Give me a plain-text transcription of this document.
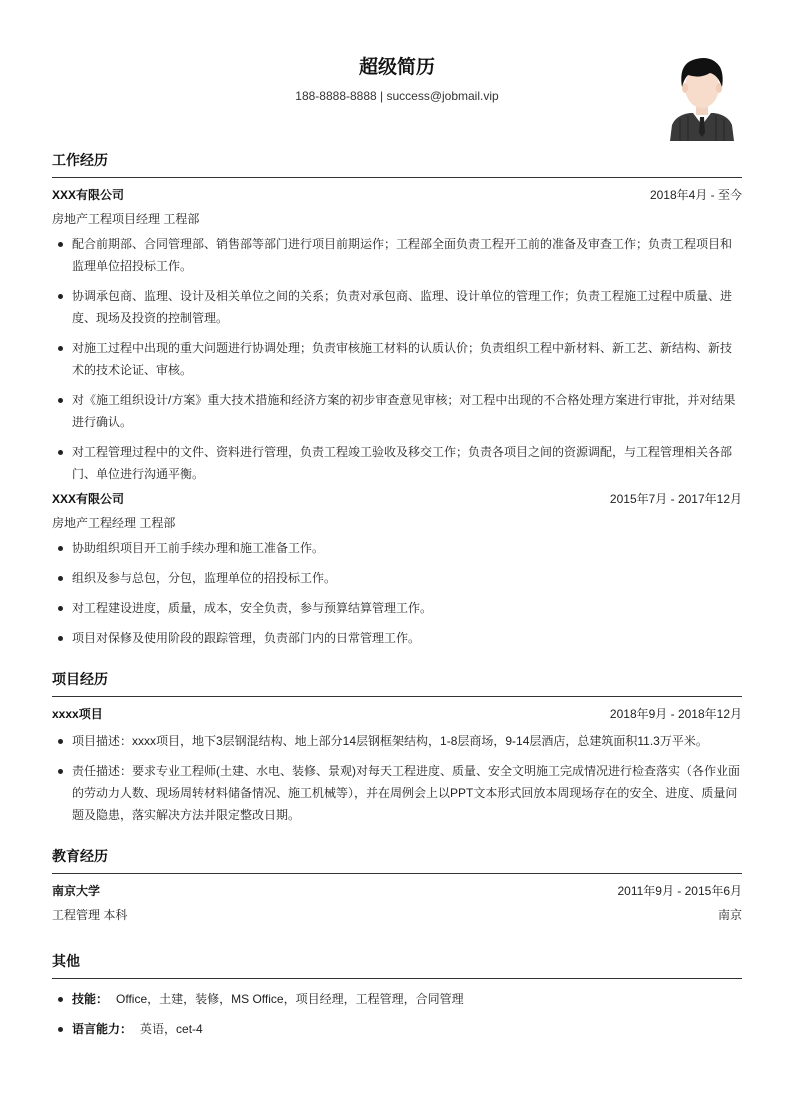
超级简历
188-8888-8888 | success@jobmail.vip
工作经历
XXX有限公司	2018年4月 - 至今
房地产工程项目经理 工程部
配合前期部、合同管理部、销售部等部门进行项目前期运作；工程部全面负责工程开工前的准备及审查工作；负责工程项目和监理单位招投标工作。
协调承包商、监理、设计及相关单位之间的关系；负责对承包商、监理、设计单位的管理工作；负责工程施工过程中质量、进度、现场及投资的控制管理。
对施工过程中出现的重大问题进行协调处理；负责审核施工材料的认质认价；负责组织工程中新材料、新工艺、新结构、新技术的技术论证、审核。
对《施工组织设计/方案》重大技术措施和经济方案的初步审查意见审核；对工程中出现的不合格处理方案进行审批，并对结果进行确认。
对工程管理过程中的文件、资料进行管理，负责工程竣工验收及移交工作；负责各项目之间的资源调配，与工程管理相关各部门、单位进行沟通平衡。
XXX有限公司	2015年7月 - 2017年12月
房地产工程经理 工程部
协助组织项目开工前手续办理和施工准备工作。
组织及参与总包，分包，监理单位的招投标工作。
对工程建设进度，质量，成本，安全负责，参与预算结算管理工作。
项目对保修及使用阶段的跟踪管理，负责部门内的日常管理工作。
项目经历
xxxx项目	2018年9月 - 2018年12月
项目描述：xxxx项目，地下3层钢混结构、地上部分14层钢框架结构，1-8层商场，9-14层酒店，总建筑面积11.3万平米。
责任描述：要求专业工程师(土建、水电、装修、景观)对每天工程进度、质量、安全文明施工完成情况进行检查落实（各作业面的劳动力人数、现场周转材料储备情况、施工机械等），并在周例会上以PPT文本形式回放本周现场存在的安全、进度、质量问题及隐患，落实解决方法并限定整改日期。
教育经历
南京大学	2011年9月 - 2015年6月
工程管理 本科	南京
其他
技能： Office，土建，装修，MS Office，项目经理，工程管理，合同管理
语言能力： 英语，cet-4
